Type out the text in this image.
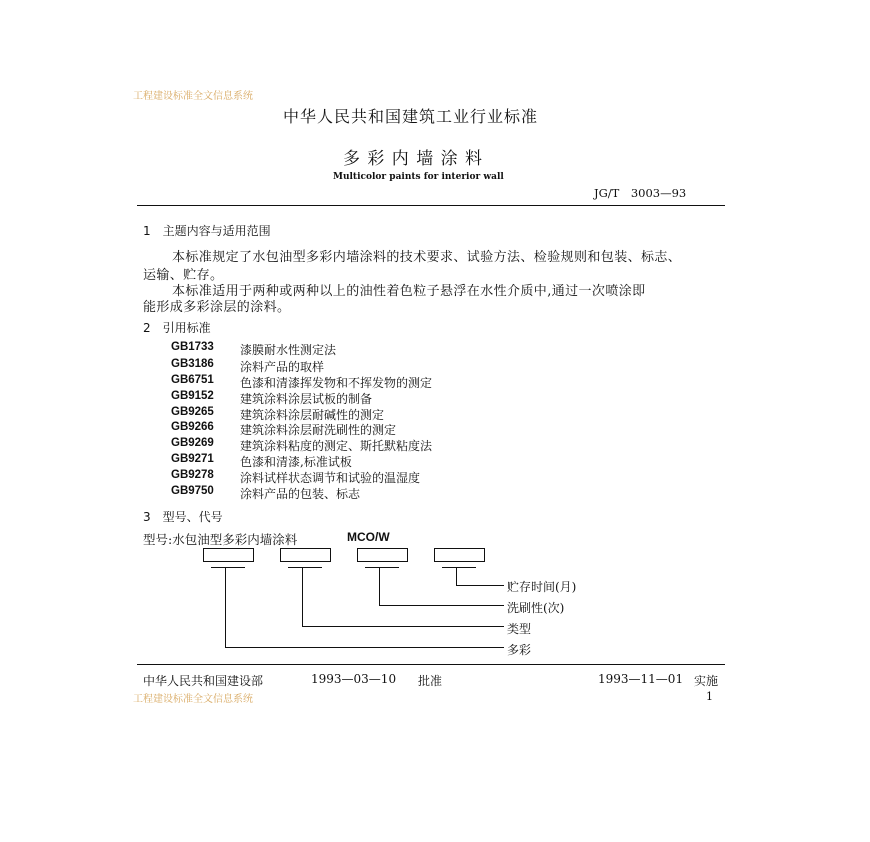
工程建设标准全文信息系统
工程建设标准全文信息系统
中华人民共和国建筑工业行业标准
多 彩 内 墙 涂 料
Multicolor paints for interior wall
JG/T　3003—93
1　主题内容与适用范围
本标准规定了水包油型多彩内墙涂料的技术要求、试验方法、检验规则和包装、标志、
运输、贮存。
本标准适用于两种或两种以上的油性着色粒子悬浮在水性介质中,通过一次喷涂即
能形成多彩涂层的涂料。
2　引用标准
GB1733 漆膜耐水性测定法
GB3186 涂料产品的取样
GB6751 色漆和清漆挥发物和不挥发物的测定
GB9152 建筑涂料涂层试板的制备
GB9265 建筑涂料涂层耐碱性的测定
GB9266 建筑涂料涂层耐洗刷性的测定
GB9269 建筑涂料粘度的测定、斯托默粘度法
GB9271 色漆和清漆,标准试板
GB9278 涂料试样状态调节和试验的温湿度
GB9750 涂料产品的包装、标志
3　型号、代号
型号:水包油型多彩内墙涂料	MCO/W
贮存时间(月)
洗刷性(次)
类型
多彩
中华人民共和国建设部	1993—03—10 批准	1993—11—01 实施
1
